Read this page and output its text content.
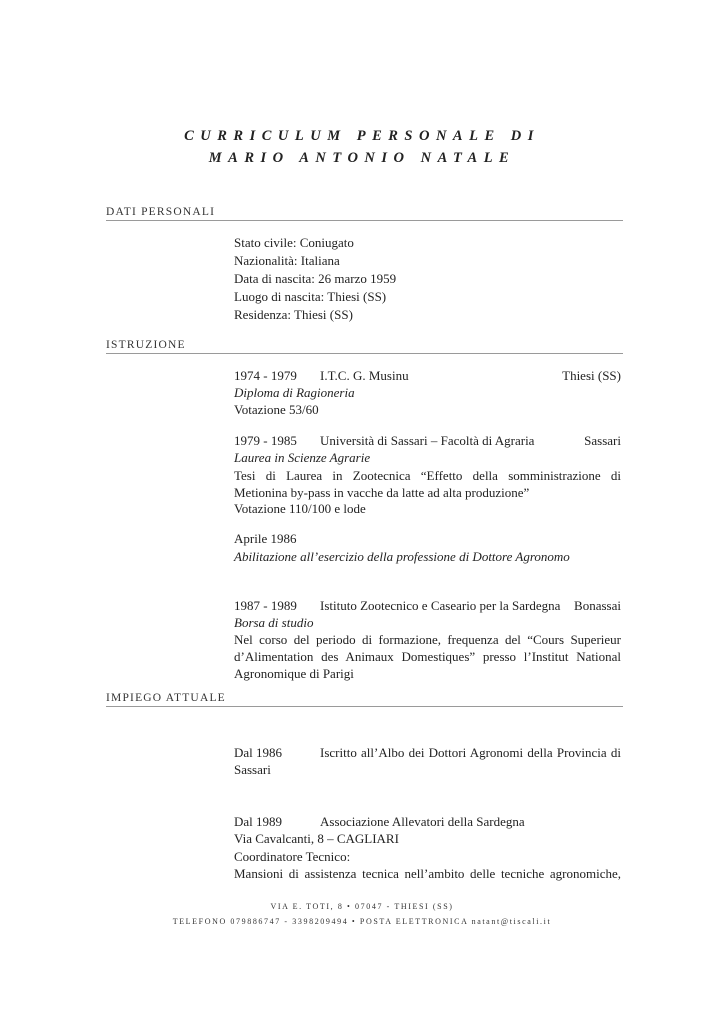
CURRICULUM PERSONALE DI
MARIO ANTONIO NATALE
DATI PERSONALI
Stato civile: Coniugato
Nazionalità: Italiana
Data di nascita: 26 marzo 1959
Luogo di nascita: Thiesi (SS)
Residenza: Thiesi (SS)
ISTRUZIONE
1974 - 1979 I.T.C. G. Musinu	Thiesi (SS)
Diploma di Ragioneria
Votazione 53/60
1979 - 1985 Università di Sassari – Facoltà di Agraria	Sassari
Laurea in Scienze Agrarie
Tesi di Laurea in Zootecnica “Effetto della somministrazione di Metionina by-pass in vacche da latte ad alta produzione”
Votazione 110/100 e lode
Aprile 1986
Abilitazione all’esercizio della professione di Dottore Agronomo
1987 - 1989 Istituto Zootecnico e Caseario per la Sardegna Bonassai
Borsa di studio
Nel corso del periodo di formazione, frequenza del “Cours Superieur d’Alimentation des Animaux Domestiques” presso l’Institut National Agronomique di Parigi
IMPIEGO ATTUALE
Dal 1986	Iscritto all’Albo dei Dottori Agronomi della Provincia di Sassari
Dal 1989	Associazione Allevatori della Sardegna
Via Cavalcanti, 8 – CAGLIARI
Coordinatore Tecnico:
Mansioni di assistenza tecnica nell’ambito delle tecniche agronomiche,
VIA E. TOTI, 8 • 07047 - THIESI (SS)
TELEFONO 079886747 - 3398209494 • POSTA ELETTRONICA natant@tiscali.it
